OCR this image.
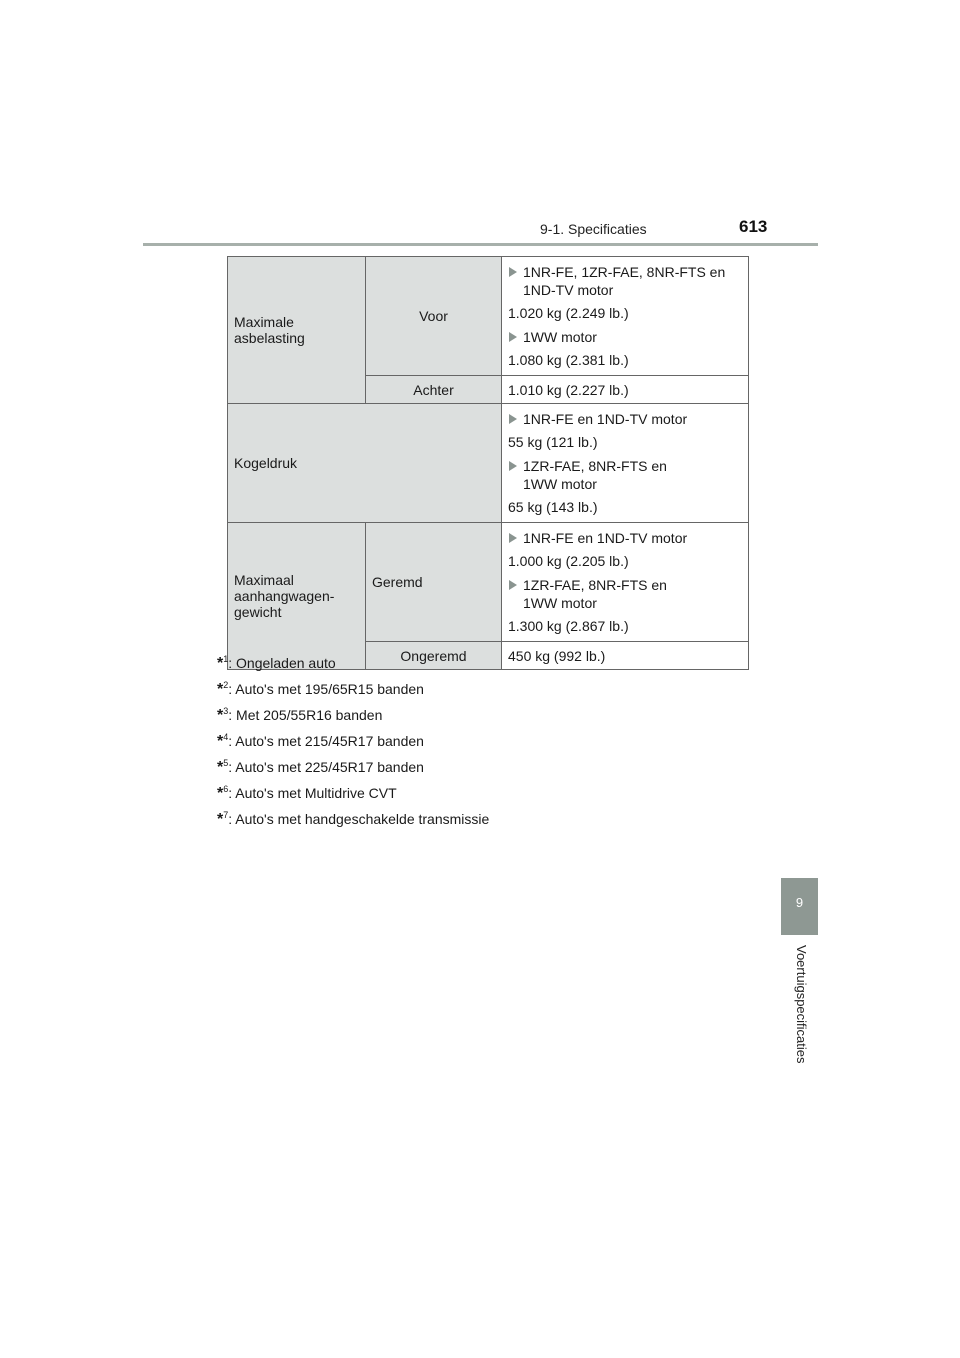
9-1. Specificaties	613
9
Voertuigspecificaties
Maximale asbelasting	Voor	1NR-FE, 1ZR-FAE, 8NR-FTS en 1ND-TV motor
1.020 kg (2.249 lb.)
1WW motor
1.080 kg (2.381 lb.)

	Achter	1.010 kg (2.227 lb.)
Kogeldruk		1NR-FE en 1ND-TV motor
55 kg (121 lb.)
1ZR-FAE, 8NR-FTS en 1WW motor
65 kg (143 lb.)

Maximaal aanhangwagen-gewicht	Geremd	1NR-FE en 1ND-TV motor
1.000 kg (2.205 lb.)
1ZR-FAE, 8NR-FTS en 1WW motor
1.300 kg (2.867 lb.)

	Ongeremd	450 kg (992 lb.)
*$^1$: Ongeladen auto
*$^2$: Auto's met 195/65R15 banden
*$^3$: Met 205/55R16 banden
*$^4$: Auto's met 215/45R17 banden
*$^5$: Auto's met 225/45R17 banden
*$^6$: Auto's met Multidrive CVT
*$^7$: Auto's met handgeschakelde transmissie
